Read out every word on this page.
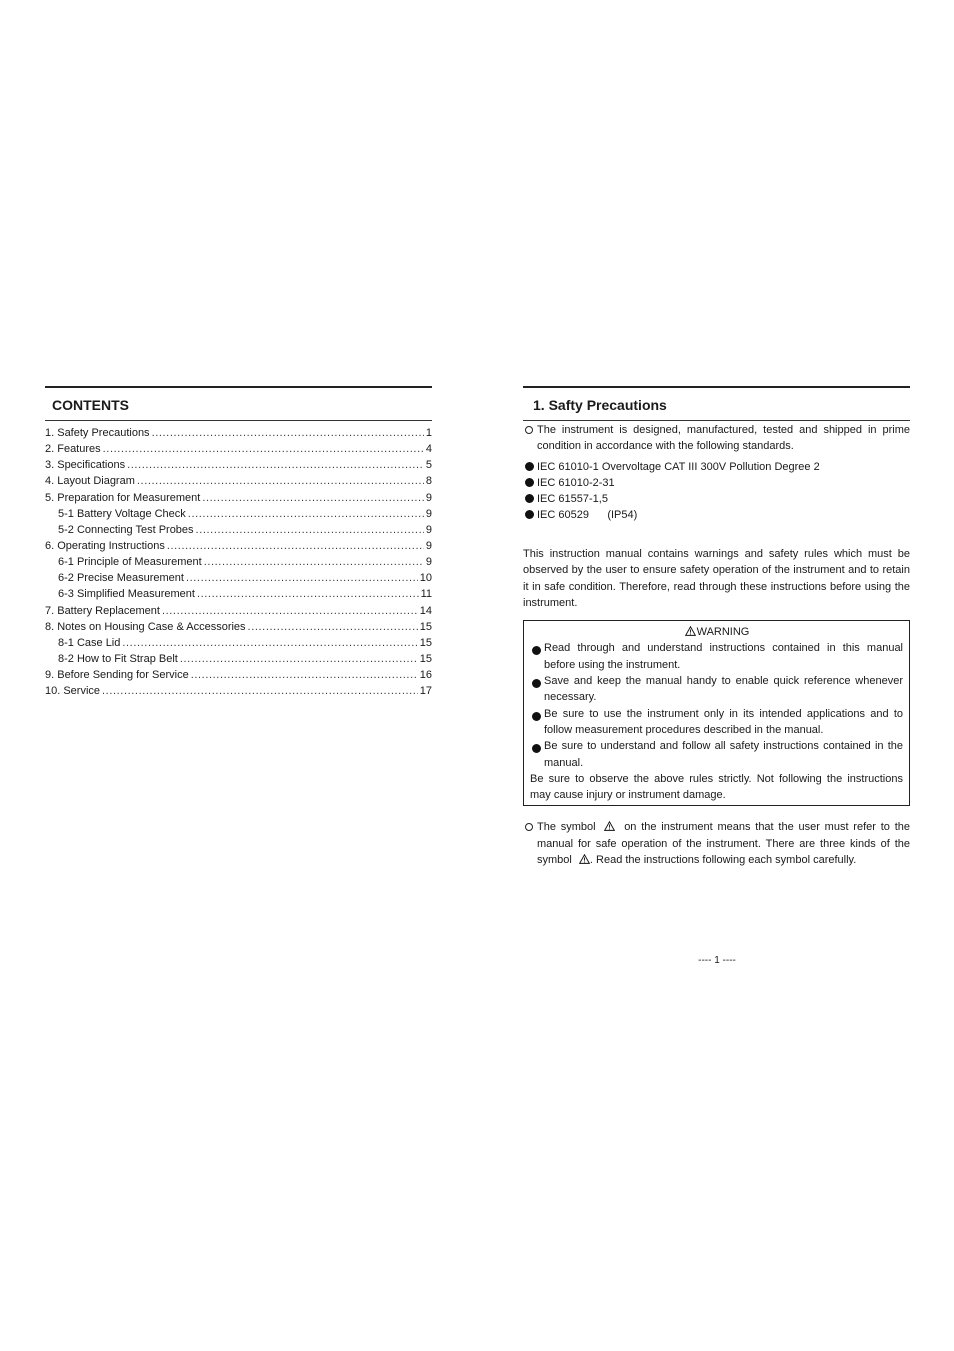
CONTENTS
1. Safety Precautions .....	1
2. Features .....	4
3. Specifications .....	5
4. Layout Diagram .....	8
5. Preparation for Measurement .....	9
5-1 Battery Voltage Check .....	9
5-2 Connecting Test Probes .....	9
6. Operating Instructions .....	9
6-1 Principle of Measurement .....	9
6-2 Precise Measurement .....	10
6-3 Simplified Measurement .....	11
7. Battery Replacement .....	14
8. Notes on Housing Case & Accessories .....	15
8-1 Case Lid .....	15
8-2 How to Fit Strap Belt .....	15
9. Before Sending for Service .....	16
10. Service .....	17
1. Safty Precautions
The instrument is designed, manufactured, tested and shipped in prime condition in accordance with the following standards.
IEC 61010-1 Overvoltage CAT III 300V Pollution Degree 2
IEC 61010-2-31
IEC 61557-1,5
IEC 60529 (IP54)
This instruction manual contains warnings and safety rules which must be observed by the user to ensure safety operation of the instrument and to retain it in safe condition. Therefore, read through these instructions before using the instrument.
WARNING
Read through and understand instructions contained in this manual before using the instrument.
Save and keep the manual handy to enable quick reference whenever necessary.
Be sure to use the instrument only in its intended applications and to follow measurement procedures described in the manual.
Be sure to understand and follow all safety instructions contained in the manual.
Be sure to observe the above rules strictly. Not following the instructions may cause injury or instrument damage.
The symbol	on the instrument means that the user must refer to the manual for safe operation of the instrument. There are three kinds of the symbol . Read the instructions following each symbol carefully.
---- 1 ----
